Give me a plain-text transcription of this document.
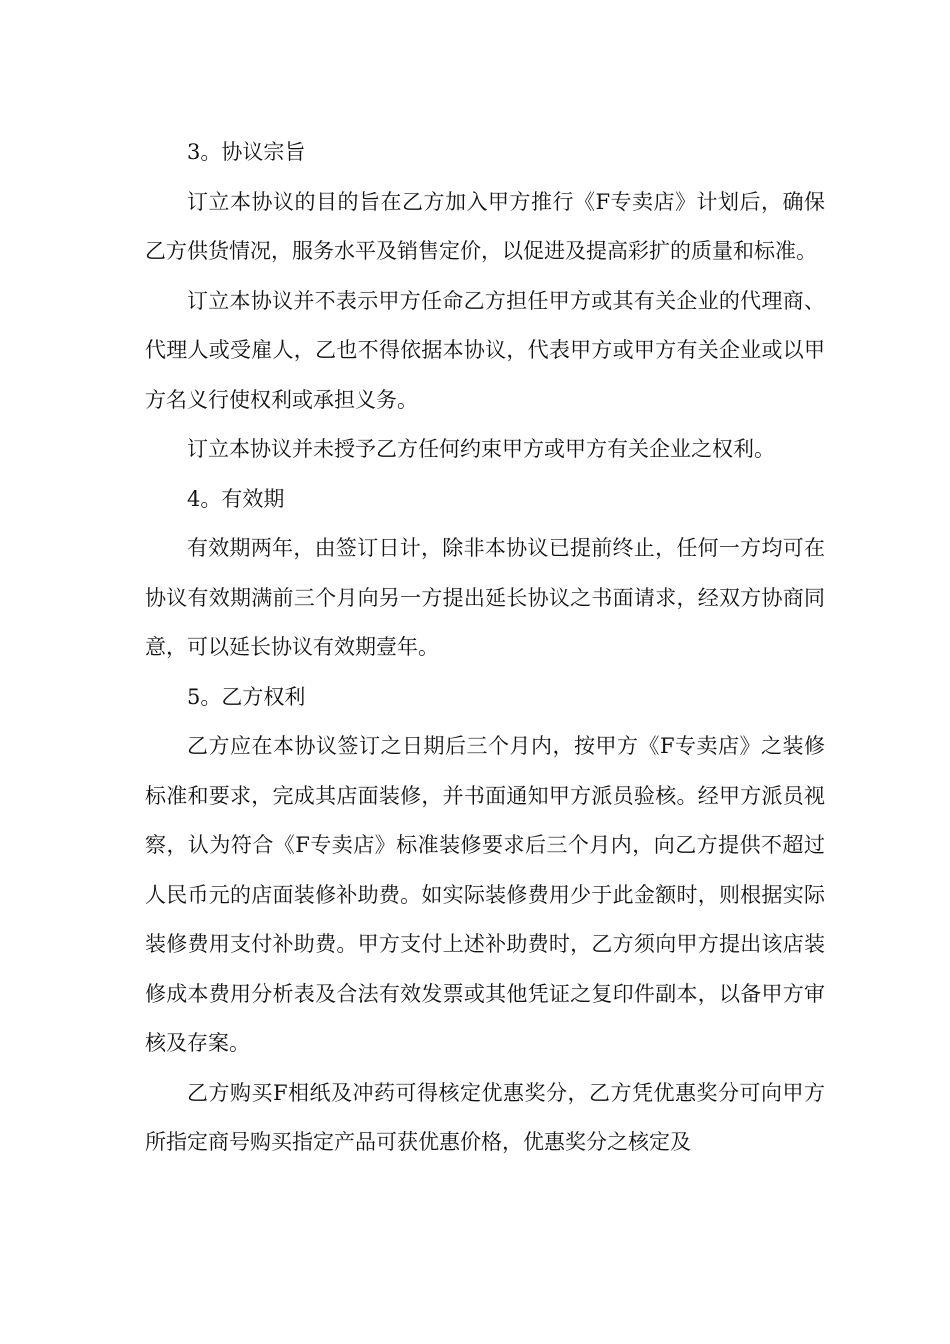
3。协议宗旨

订立本协议的目的旨在乙方加入甲方推行《F专卖店》计划后，确保乙方供货情况，服务水平及销售定价，以促进及提高彩扩的质量和标准。

订立本协议并不表示甲方任命乙方担任甲方或其有关企业的代理商、代理人或受雇人，乙也不得依据本协议，代表甲方或甲方有关企业或以甲方名义行使权利或承担义务。

订立本协议并未授予乙方任何约束甲方或甲方有关企业之权利。

4。有效期

有效期两年，由签订日计，除非本协议已提前终止，任何一方均可在协议有效期满前三个月向另一方提出延长协议之书面请求，经双方协商同意，可以延长协议有效期壹年。

5。乙方权利

乙方应在本协议签订之日期后三个月内，按甲方《F专卖店》之装修标准和要求，完成其店面装修，并书面通知甲方派员验核。经甲方派员视察，认为符合《F专卖店》标准装修要求后三个月内，向乙方提供不超过人民币元的店面装修补助费。如实际装修费用少于此金额时，则根据实际装修费用支付补助费。甲方支付上述补助费时，乙方须向甲方提出该店装修成本费用分析表及合法有效发票或其他凭证之复印件副本，以备甲方审核及存案。

乙方购买F相纸及冲药可得核定优惠奖分，乙方凭优惠奖分可向甲方所指定商号购买指定产品可获优惠价格，优惠奖分之核定及
